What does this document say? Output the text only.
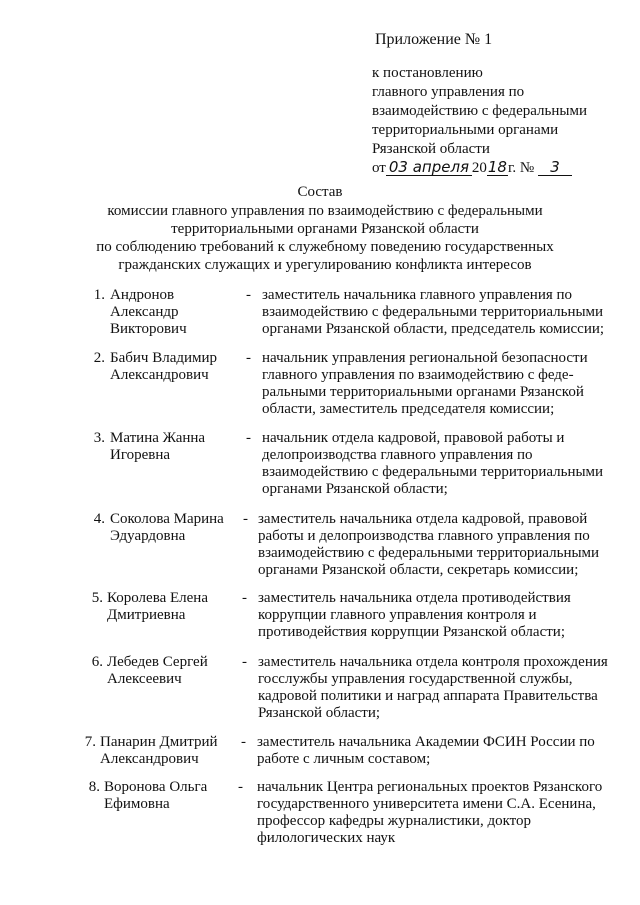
Приложение № 1
к постановлению
главного управления по
взаимодействию с федеральными
территориальными органами
Рязанской области
от 03 апреля 2018г. № 3
Состав
комиссии главного управления по взаимодействию с федеральными
территориальными органами Рязанской области
по соблюдению требований к служебному поведению государственных
гражданских служащих и урегулированию конфликта интересов
1. Андронов
Александр
Викторович
- заместитель начальника главного управления по
взаимодействию с федеральными территориальными
органами Рязанской области, председатель комиссии;
2. Бабич Владимир
Александрович
- начальник управления региональной безопасности
главного управления по взаимодействию с феде-
ральными территориальными органами Рязанской
области, заместитель председателя комиссии;
3. Матина Жанна
Игоревна
- начальник отдела кадровой, правовой работы и
делопроизводства главного управления по
взаимодействию с федеральными территориальными
органами Рязанской области;
4. Соколова Марина
Эдуардовна
- заместитель начальника отдела кадровой, правовой
работы и делопроизводства главного управления по
взаимодействию с федеральными территориальными
органами Рязанской области, секретарь комиссии;
5. Королева Елена
Дмитриевна
- заместитель начальника отдела противодействия
коррупции главного управления контроля и
противодействия коррупции Рязанской области;
6. Лебедев Сергей
Алексеевич
- заместитель начальника отдела контроля прохождения
госслужбы управления государственной службы,
кадровой политики и наград аппарата Правительства
Рязанской области;
7. Панарин Дмитрий
Александрович
- заместитель начальника Академии ФСИН России по
работе с личным составом;
8. Воронова Ольга
Ефимовна
- начальник Центра региональных проектов Рязанского
государственного университета имени С.А. Есенина,
профессор кафедры журналистики, доктор
филологических наук
